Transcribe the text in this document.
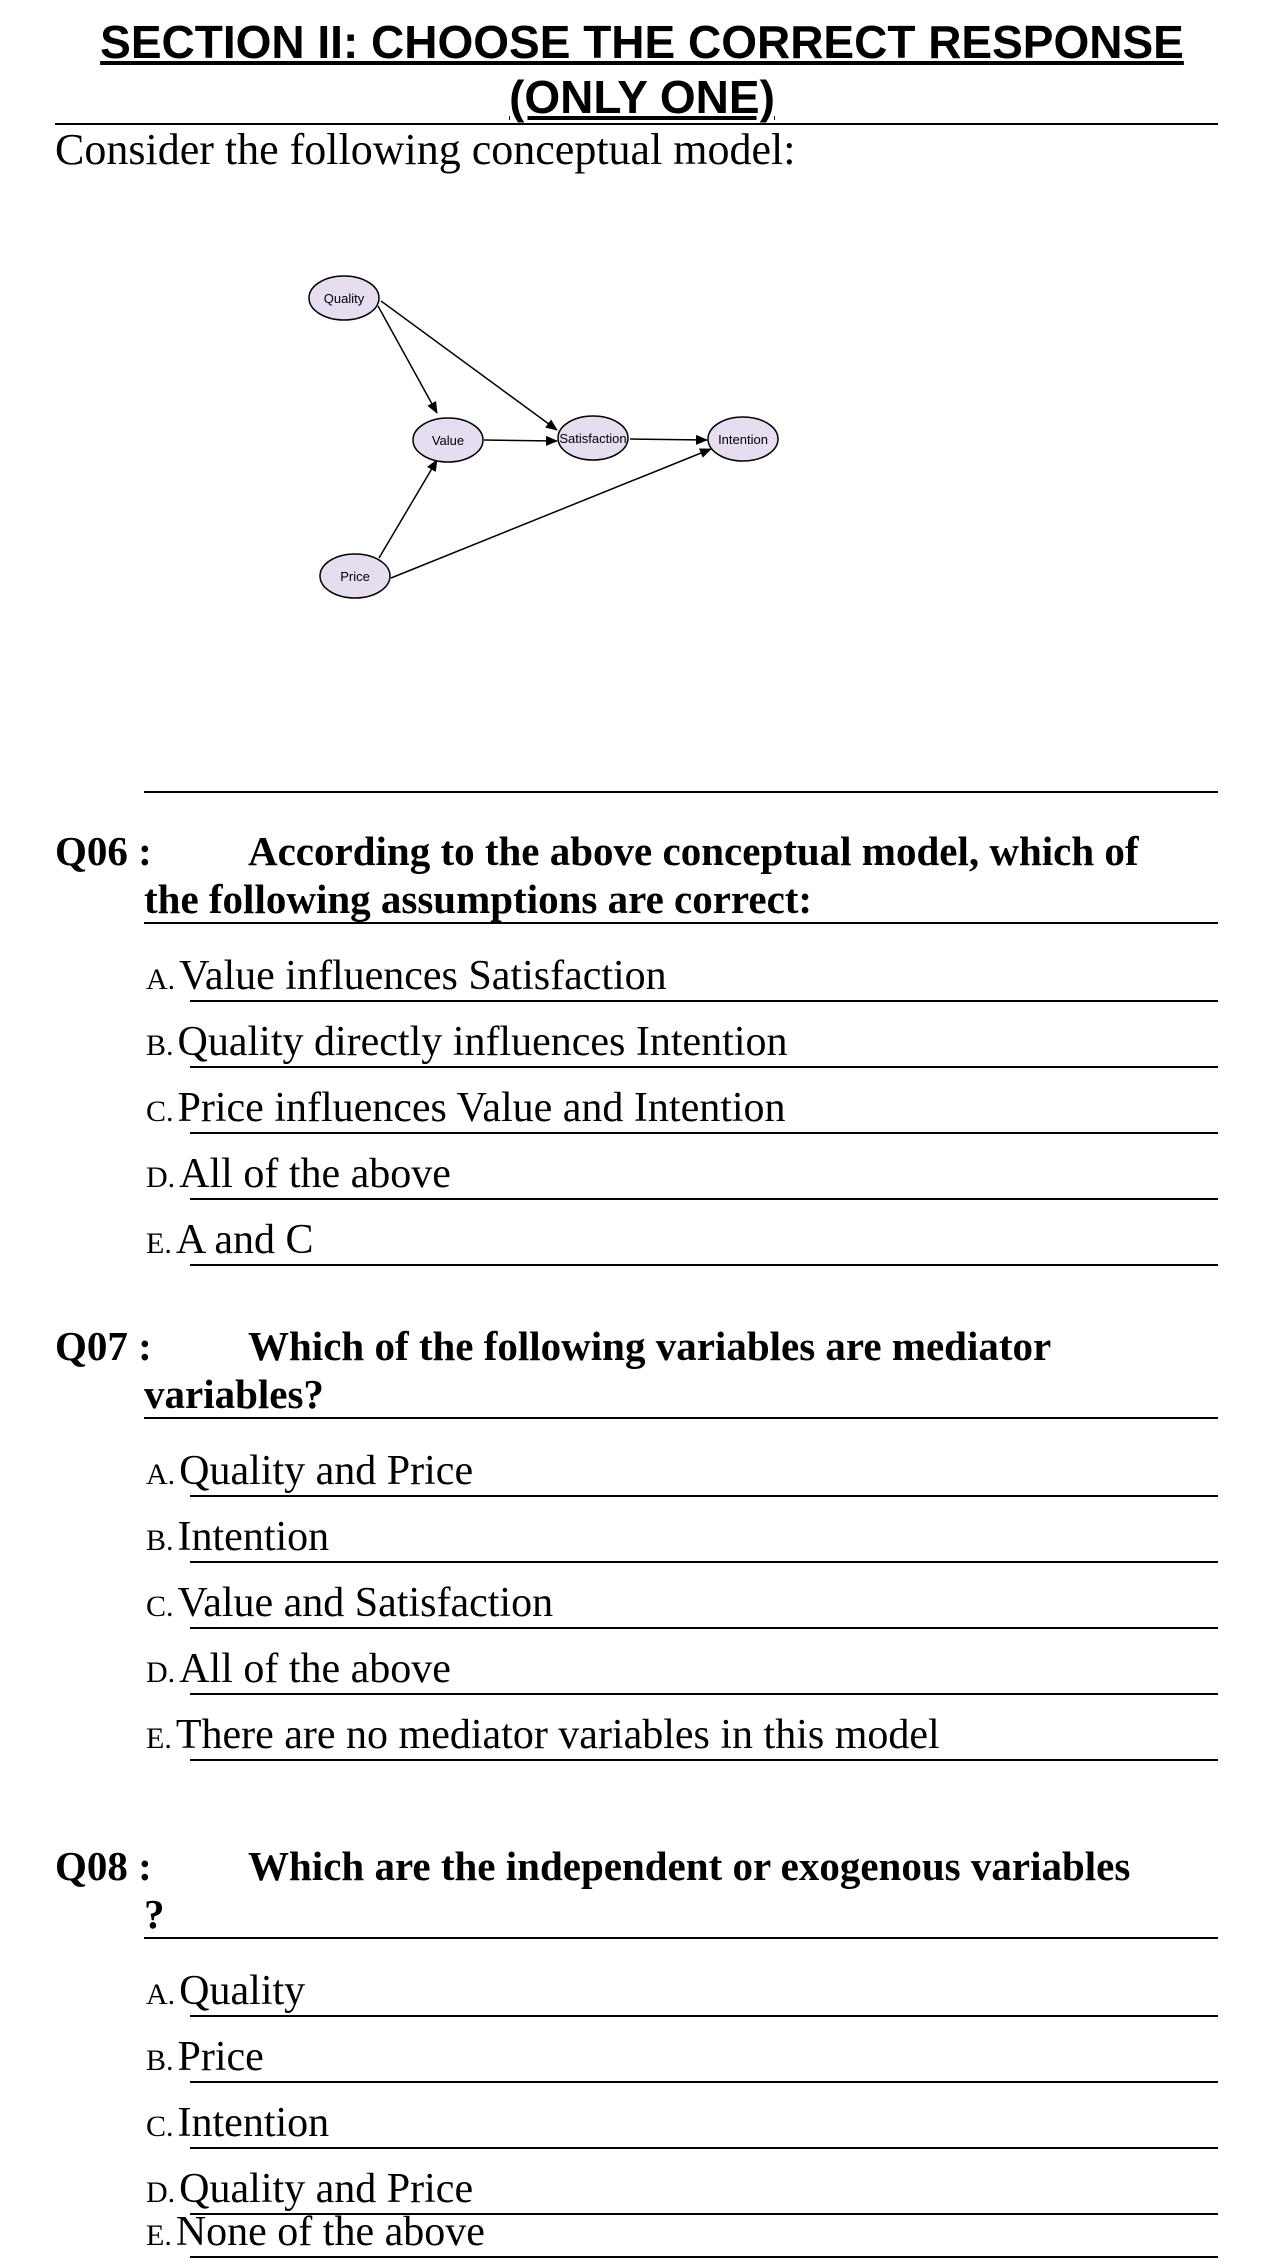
SECTION II: CHOOSE THE CORRECT RESPONSE
(ONLY ONE)
Consider the following conceptual model:
Quality
Value	Satisfaction	Intention
Price
Q06 : According to the above conceptual model, which of
the following assumptions are correct:
A. Value influences Satisfaction
B. Quality directly influences Intention
C. Price influences Value and Intention
D. All of the above
E. A and C
Q07 : Which of the following variables are mediator
variables?
A. Quality and Price
B. Intention
C. Value and Satisfaction
D. All of the above
E. There are no mediator variables in this model
Q08 : Which are the independent or exogenous variables
?
A. Quality
B. Price
C. Intention
D. Quality and Price
E. None of the above
